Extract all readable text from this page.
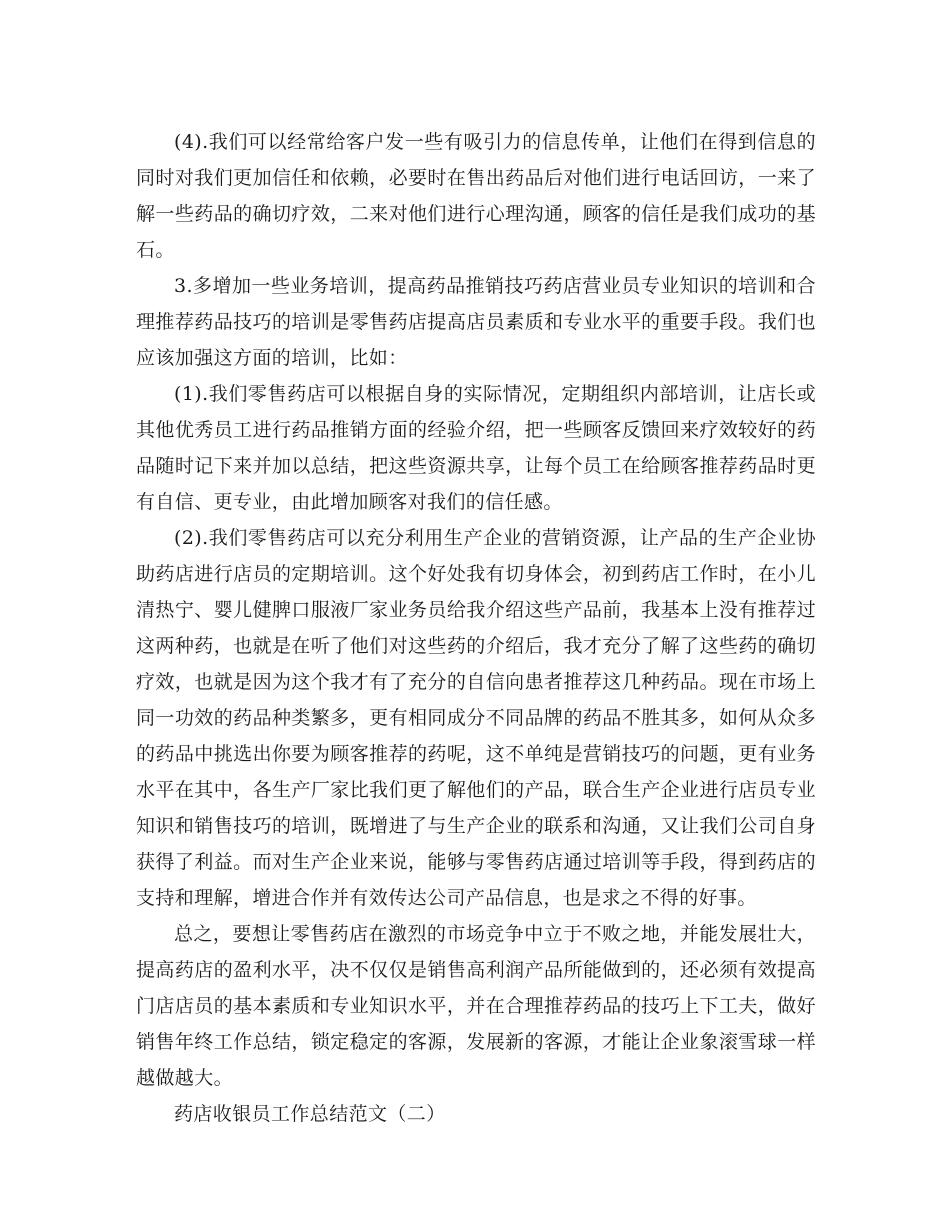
(4).我们可以经常给客户发一些有吸引力的信息传单，让他们在得到信息的同时对我们更加信任和依赖，必要时在售出药品后对他们进行电话回访，一来了解一些药品的确切疗效，二来对他们进行心理沟通，顾客的信任是我们成功的基石。

3.多增加一些业务培训，提高药品推销技巧药店营业员专业知识的培训和合理推荐药品技巧的培训是零售药店提高店员素质和专业水平的重要手段。我们也应该加强这方面的培训，比如：

(1).我们零售药店可以根据自身的实际情况，定期组织内部培训，让店长或其他优秀员工进行药品推销方面的经验介绍，把一些顾客反馈回来疗效较好的药品随时记下来并加以总结，把这些资源共享，让每个员工在给顾客推荐药品时更有自信、更专业，由此增加顾客对我们的信任感。

(2).我们零售药店可以充分利用生产企业的营销资源，让产品的生产企业协助药店进行店员的定期培训。这个好处我有切身体会，初到药店工作时，在小儿清热宁、婴儿健脾口服液厂家业务员给我介绍这些产品前，我基本上没有推荐过这两种药，也就是在听了他们对这些药的介绍后，我才充分了解了这些药的确切疗效，也就是因为这个我才有了充分的自信向患者推荐这几种药品。现在市场上同一功效的药品种类繁多，更有相同成分不同品牌的药品不胜其多，如何从众多的药品中挑选出你要为顾客推荐的药呢，这不单纯是营销技巧的问题，更有业务水平在其中，各生产厂家比我们更了解他们的产品，联合生产企业进行店员专业知识和销售技巧的培训，既增进了与生产企业的联系和沟通，又让我们公司自身获得了利益。而对生产企业来说，能够与零售药店通过培训等手段，得到药店的支持和理解，增进合作并有效传达公司产品信息，也是求之不得的好事。

总之，要想让零售药店在激烈的市场竞争中立于不败之地，并能发展壮大，提高药店的盈利水平，决不仅仅是销售高利润产品所能做到的，还必须有效提高门店店员的基本素质和专业知识水平，并在合理推荐药品的技巧上下工夫，做好销售年终工作总结，锁定稳定的客源，发展新的客源，才能让企业象滚雪球一样越做越大。

药店收银员工作总结范文（二）
